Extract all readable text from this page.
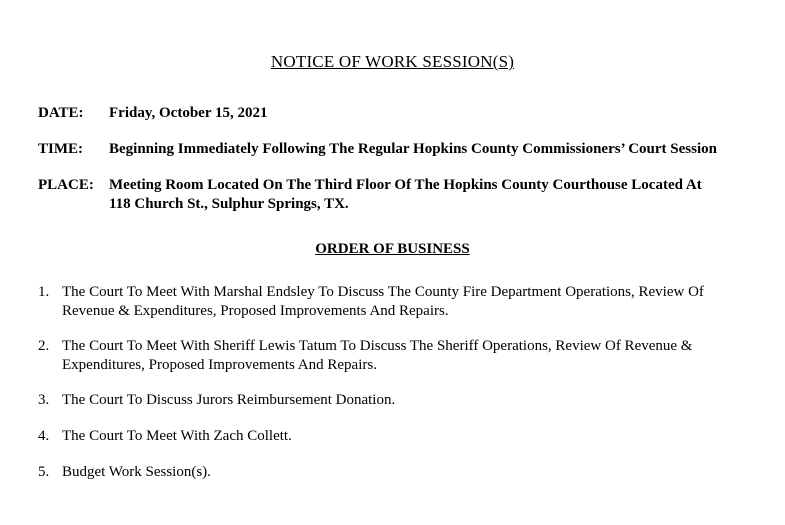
NOTICE OF WORK SESSION(S)
DATE: Friday, October 15, 2021
TIME: Beginning Immediately Following The Regular Hopkins County Commissioners’ Court Session
PLACE: Meeting Room Located On The Third Floor Of The Hopkins County Courthouse Located At
118 Church St., Sulphur Springs, TX.
ORDER OF BUSINESS
1. The Court To Meet With Marshal Endsley To Discuss The County Fire Department Operations, Review Of
Revenue & Expenditures, Proposed Improvements And Repairs.
2. The Court To Meet With Sheriff Lewis Tatum To Discuss The Sheriff Operations, Review Of Revenue &
Expenditures, Proposed Improvements And Repairs.
3. The Court To Discuss Jurors Reimbursement Donation.
4. The Court To Meet With Zach Collett.
5. Budget Work Session(s).
